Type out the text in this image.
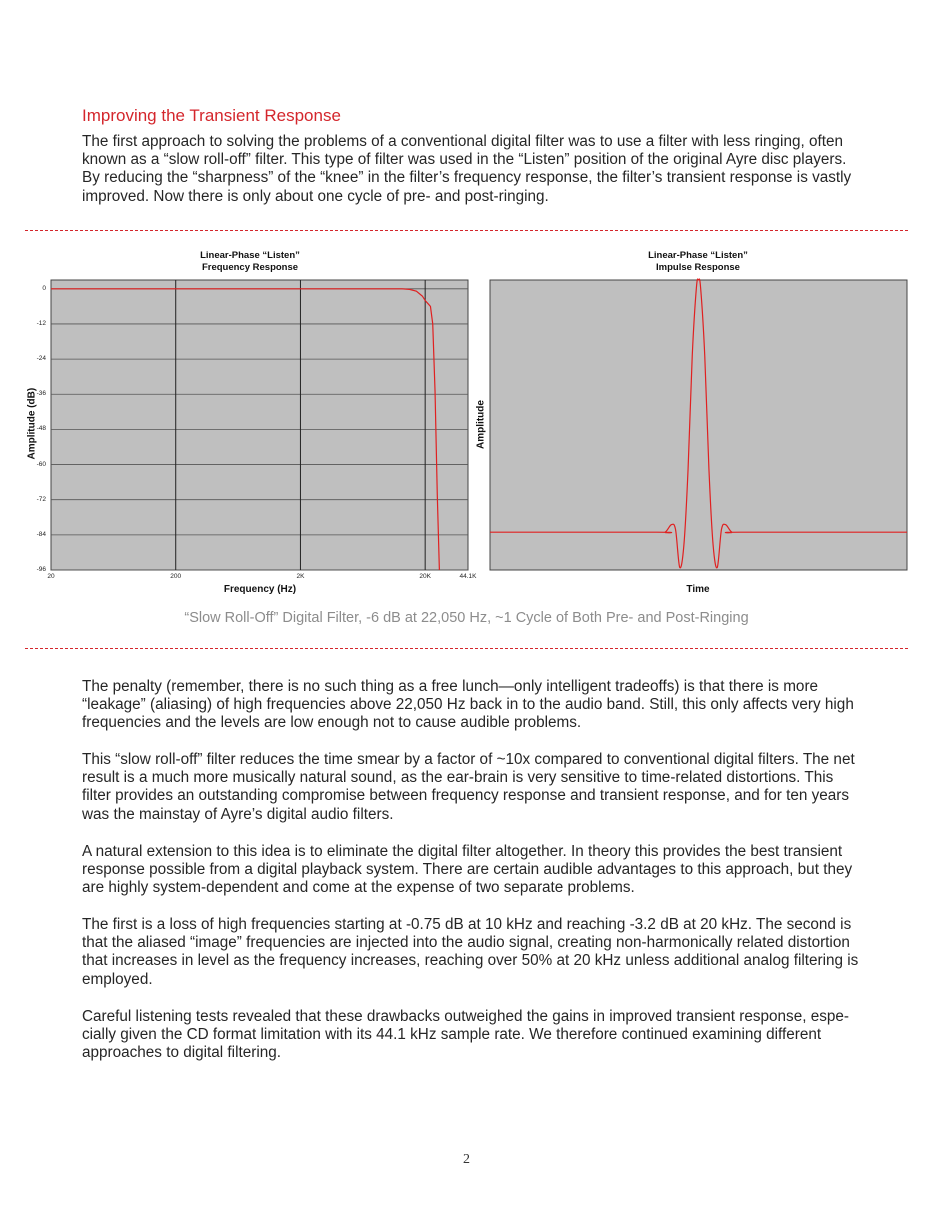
Improving the Transient Response

The first approach to solving the problems of a conventional digital filter was to use a filter with less ringing, often known as a “slow roll-off” filter. This type of filter was used in the “Listen” position of the original Ayre disc players. By reducing the “sharpness” of the “knee” in the filter’s frequency response, the filter’s transient response is vastly improved. Now there is only about one cycle of pre- and post-ringing.

Linear-Phase “Listen”
Frequency Response
Amplitude (dB)
0
-12
-24
-36
-48
-60
-72
-84
-96
20	200	2K	20K	44.1K
Frequency (Hz)
Linear-Phase “Listen”
Impulse Response
Amplitude
Time
“Slow Roll-Off” Digital Filter, -6 dB at 22,050 Hz, ~1 Cycle of Both Pre- and Post-Ringing

The penalty (remember, there is no such thing as a free lunch—only intelligent tradeoffs) is that there is more “leakage” (aliasing) of high frequencies above 22,050 Hz back in to the audio band. Still, this only affects very high frequencies and the levels are low enough not to cause audible problems.

This “slow roll-off” filter reduces the time smear by a factor of ~10x compared to conventional digital filters. The net result is a much more musically natural sound, as the ear-brain is very sensitive to time-related distortions. This filter provides an outstanding compromise between frequency response and transient response, and for ten years was the mainstay of Ayre’s digital audio filters.

A natural extension to this idea is to eliminate the digital filter altogether. In theory this provides the best transient response possible from a digital playback system. There are certain audible advantages to this approach, but they are highly system-dependent and come at the expense of two separate problems.

The first is a loss of high frequencies starting at -0.75 dB at 10 kHz and reaching -3.2 dB at 20 kHz. The second is that the aliased “image” frequencies are injected into the audio signal, creating non-harmonically related distortion that increases in level as the frequency increases, reaching over 50% at 20 kHz unless additional analog filtering is employed.

Careful listening tests revealed that these drawbacks outweighed the gains in improved transient response, espe-cially given the CD format limitation with its 44.1 kHz sample rate. We therefore continued examining different approaches to digital filtering.

2
